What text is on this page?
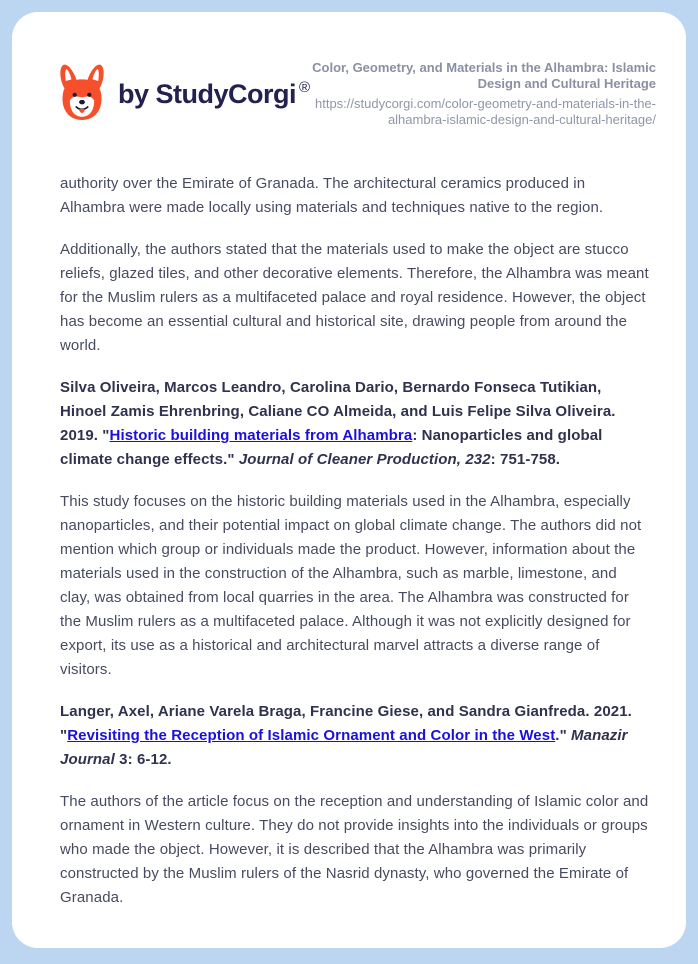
by StudyCorgi ®
Color, Geometry, and Materials in the Alhambra: Islamic Design and Cultural Heritage
https://studycorgi.com/color-geometry-and-materials-in-the-alhambra-islamic-design-and-cultural-heritage/

authority over the Emirate of Granada. The architectural ceramics produced in Alhambra were made locally using materials and techniques native to the region.

Additionally, the authors stated that the materials used to make the object are stucco reliefs, glazed tiles, and other decorative elements. Therefore, the Alhambra was meant for the Muslim rulers as a multifaceted palace and royal residence. However, the object has become an essential cultural and historical site, drawing people from around the world.

Silva Oliveira, Marcos Leandro, Carolina Dario, Bernardo Fonseca Tutikian, Hinoel Zamis Ehrenbring, Caliane CO Almeida, and Luis Felipe Silva Oliveira. 2019. "Historic building materials from Alhambra: Nanoparticles and global climate change effects." Journal of Cleaner Production, 232: 751-758.

This study focuses on the historic building materials used in the Alhambra, especially nanoparticles, and their potential impact on global climate change. The authors did not mention which group or individuals made the product. However, information about the materials used in the construction of the Alhambra, such as marble, limestone, and clay, was obtained from local quarries in the area. The Alhambra was constructed for the Muslim rulers as a multifaceted palace. Although it was not explicitly designed for export, its use as a historical and architectural marvel attracts a diverse range of visitors.

Langer, Axel, Ariane Varela Braga, Francine Giese, and Sandra Gianfreda. 2021. "Revisiting the Reception of Islamic Ornament and Color in the West." Manazir Journal 3: 6-12.

The authors of the article focus on the reception and understanding of Islamic color and ornament in Western culture. They do not provide insights into the individuals or groups who made the object. However, it is described that the Alhambra was primarily constructed by the Muslim rulers of the Nasrid dynasty, who governed the Emirate of Granada.
